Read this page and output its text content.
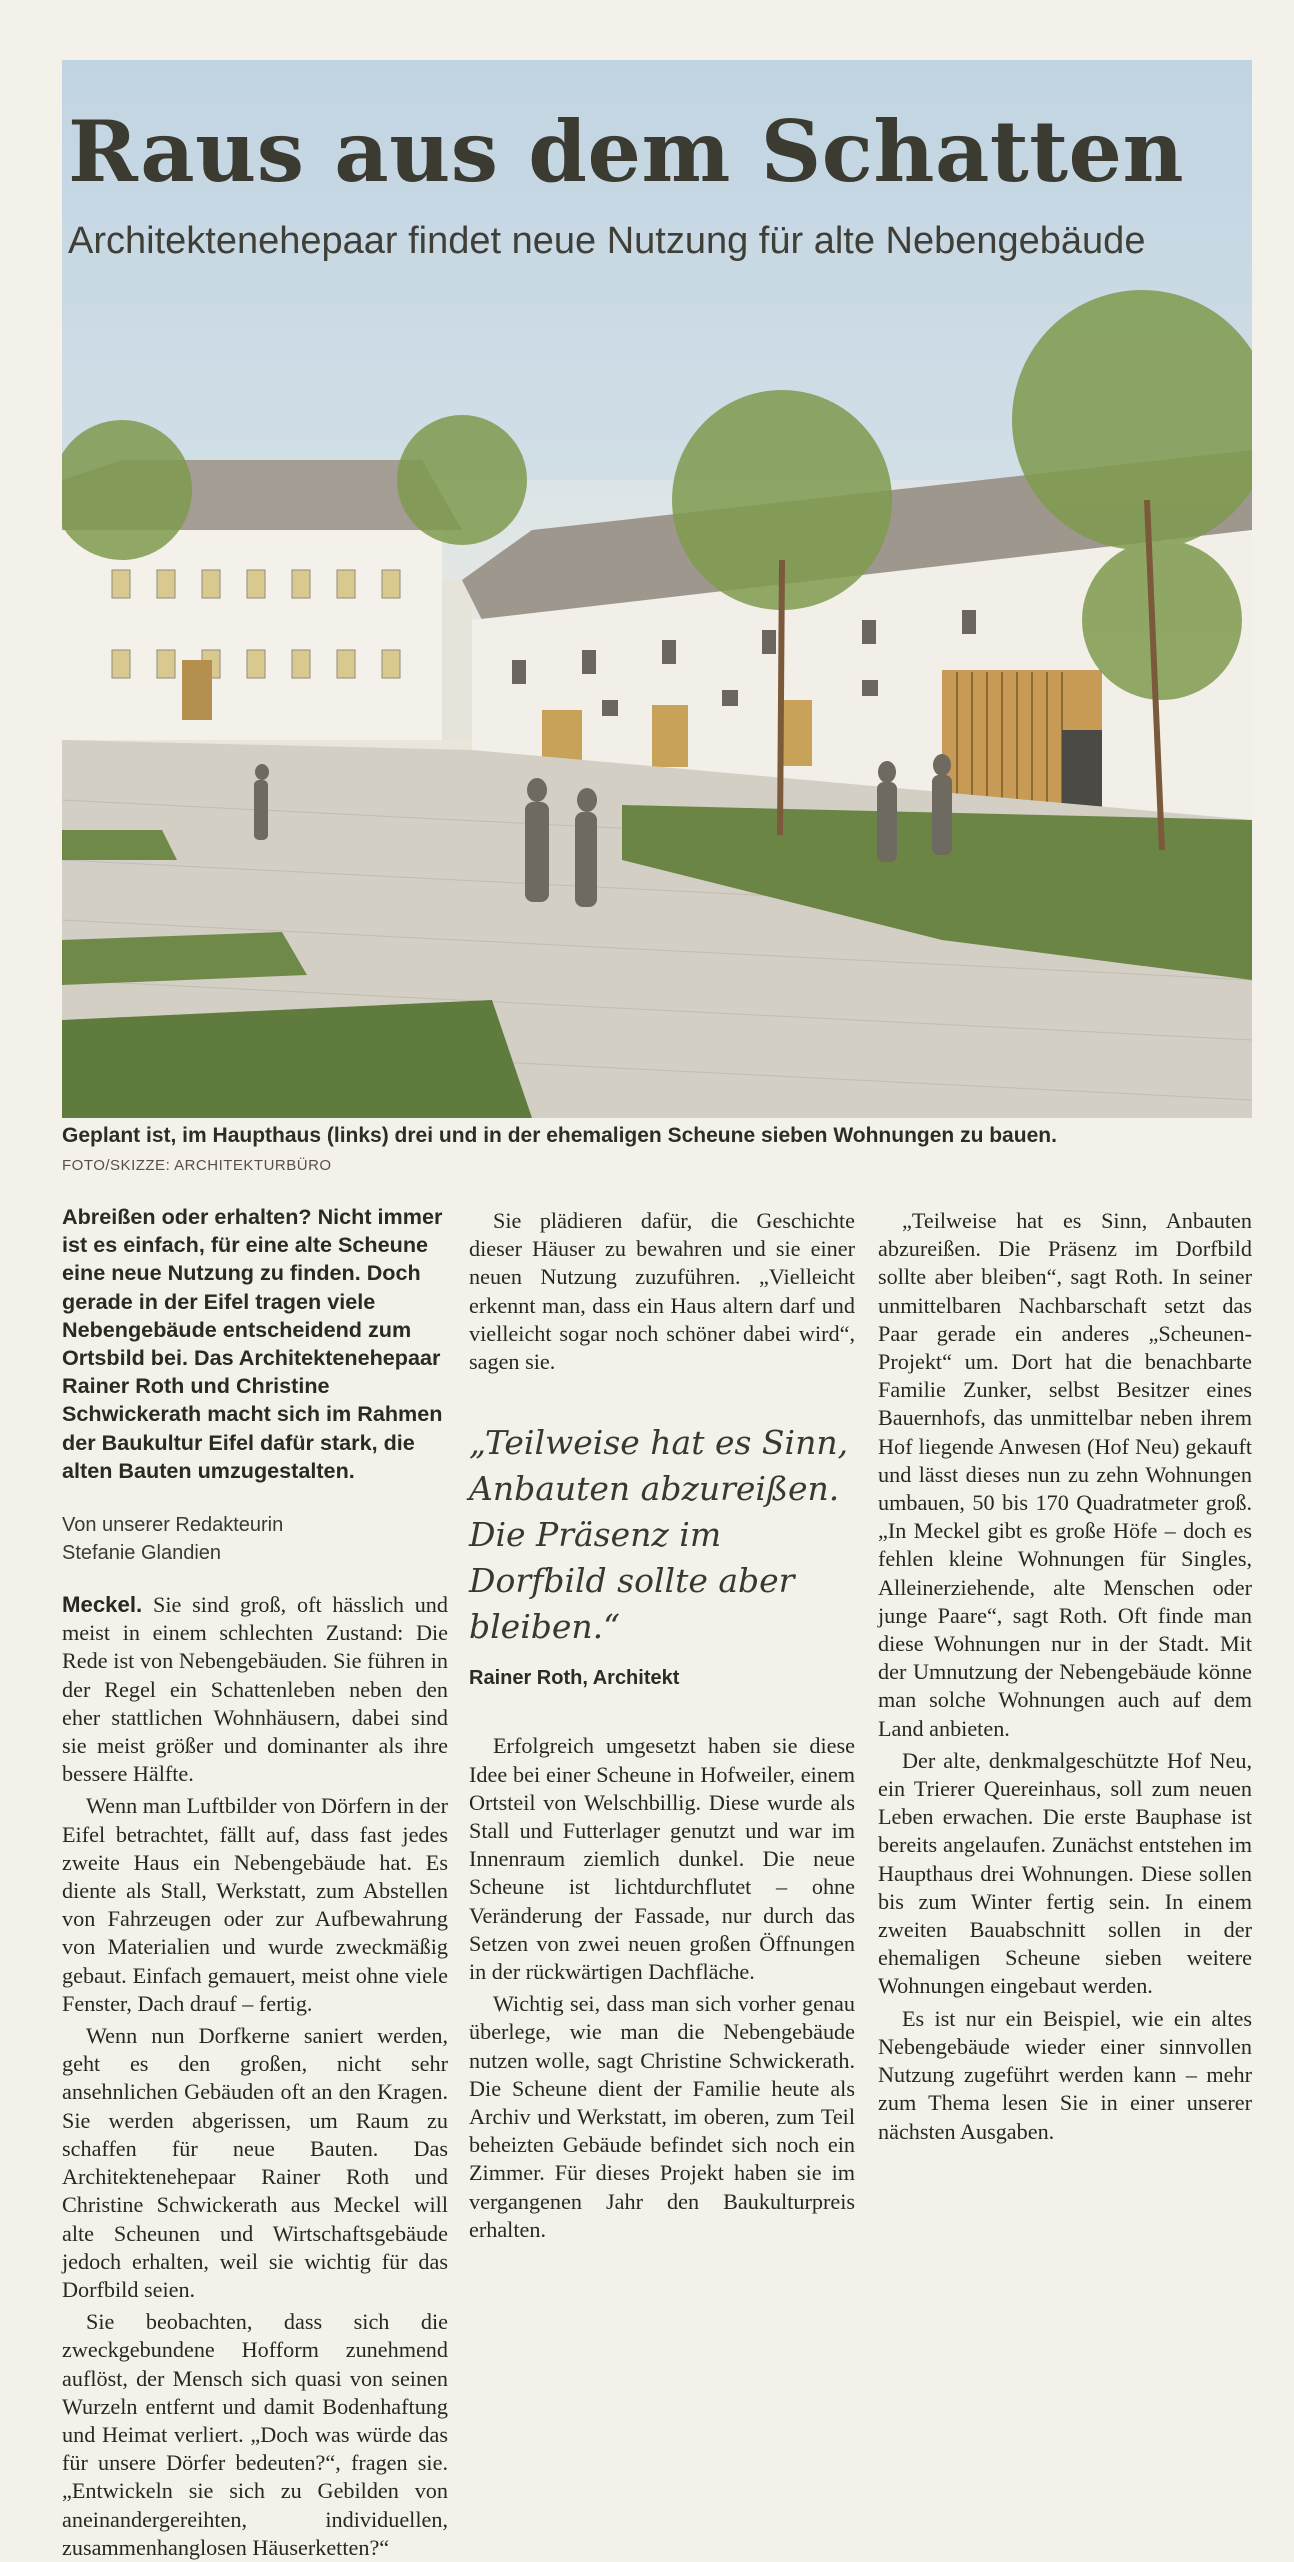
Raus aus dem Schatten
Architektenehepaar findet neue Nutzung für alte Nebengebäude
Geplant ist, im Haupthaus (links) drei und in der ehemaligen Scheune sieben Wohnungen zu bauen.
FOTO/SKIZZE: ARCHITEKTURBÜRO

Abreißen oder erhalten? Nicht immer ist es einfach, für eine alte Scheune eine neue Nutzung zu finden. Doch gerade in der Eifel tragen viele Nebengebäude entscheidend zum Ortsbild bei. Das Architektenehepaar Rainer Roth und Christine Schwickerath macht sich im Rahmen der Baukultur Eifel dafür stark, die alten Bauten umzugestalten.

Von unserer Redakteurin
Stefanie Glandien

Meckel. Sie sind groß, oft hässlich und meist in einem schlechten Zustand: Die Rede ist von Nebengebäuden. Sie führen in der Regel ein Schattenleben neben den eher stattlichen Wohnhäusern, dabei sind sie meist größer und dominanter als ihre bessere Hälfte.

Wenn man Luftbilder von Dörfern in der Eifel betrachtet, fällt auf, dass fast jedes zweite Haus ein Nebengebäude hat. Es diente als Stall, Werkstatt, zum Abstellen von Fahrzeugen oder zur Aufbewahrung von Materialien und wurde zweckmäßig gebaut. Einfach gemauert, meist ohne viele Fenster, Dach drauf – fertig.

Wenn nun Dorfkerne saniert werden, geht es den großen, nicht sehr ansehnlichen Gebäuden oft an den Kragen. Sie werden abgerissen, um Raum zu schaffen für neue Bauten. Das Architektenehepaar Rainer Roth und Christine Schwickerath aus Meckel will alte Scheunen und Wirtschaftsgebäude jedoch erhalten, weil sie wichtig für das Dorfbild seien.

Sie beobachten, dass sich die zweckgebundene Hofform zunehmend auflöst, der Mensch sich quasi von seinen Wurzeln entfernt und damit Bodenhaftung und Heimat verliert. „Doch was würde das für unsere Dörfer bedeuten?“, fragen sie. „Entwickeln sie sich zu Gebilden von aneinandergereihten, individuellen, zusammenhanglosen Häuserketten?“

Sie plädieren dafür, die Geschichte dieser Häuser zu bewahren und sie einer neuen Nutzung zuzuführen. „Vielleicht erkennt man, dass ein Haus altern darf und vielleicht sogar noch schöner dabei wird“, sagen sie.

„Teilweise hat es Sinn, Anbauten abzureißen. Die Präsenz im Dorfbild sollte aber bleiben.“

Rainer Roth, Architekt

Erfolgreich umgesetzt haben sie diese Idee bei einer Scheune in Hofweiler, einem Ortsteil von Welschbillig. Diese wurde als Stall und Futterlager genutzt und war im Innenraum ziemlich dunkel. Die neue Scheune ist lichtdurchflutet – ohne Veränderung der Fassade, nur durch das Setzen von zwei neuen großen Öffnungen in der rückwärtigen Dachfläche.

Wichtig sei, dass man sich vorher genau überlege, wie man die Nebengebäude nutzen wolle, sagt Christine Schwickerath. Die Scheune dient der Familie heute als Archiv und Werkstatt, im oberen, zum Teil beheizten Gebäude befindet sich noch ein Zimmer. Für dieses Projekt haben sie im vergangenen Jahr den Baukulturpreis erhalten.

„Teilweise hat es Sinn, Anbauten abzureißen. Die Präsenz im Dorfbild sollte aber bleiben“, sagt Roth. In seiner unmittelbaren Nachbarschaft setzt das Paar gerade ein anderes „Scheunen-Projekt“ um. Dort hat die benachbarte Familie Zunker, selbst Besitzer eines Bauernhofs, das unmittelbar neben ihrem Hof liegende Anwesen (Hof Neu) gekauft und lässt dieses nun zu zehn Wohnungen umbauen, 50 bis 170 Quadratmeter groß. „In Meckel gibt es große Höfe – doch es fehlen kleine Wohnungen für Singles, Alleinerziehende, alte Menschen oder junge Paare“, sagt Roth. Oft finde man diese Wohnungen nur in der Stadt. Mit der Umnutzung der Nebengebäude könne man solche Wohnungen auch auf dem Land anbieten.

Der alte, denkmalgeschützte Hof Neu, ein Trierer Quereinhaus, soll zum neuen Leben erwachen. Die erste Bauphase ist bereits angelaufen. Zunächst entstehen im Haupthaus drei Wohnungen. Diese sollen bis zum Winter fertig sein. In einem zweiten Bauabschnitt sollen in der ehemaligen Scheune sieben weitere Wohnungen eingebaut werden.

Es ist nur ein Beispiel, wie ein altes Nebengebäude wieder einer sinnvollen Nutzung zugeführt werden kann – mehr zum Thema lesen Sie in einer unserer nächsten Ausgaben.
